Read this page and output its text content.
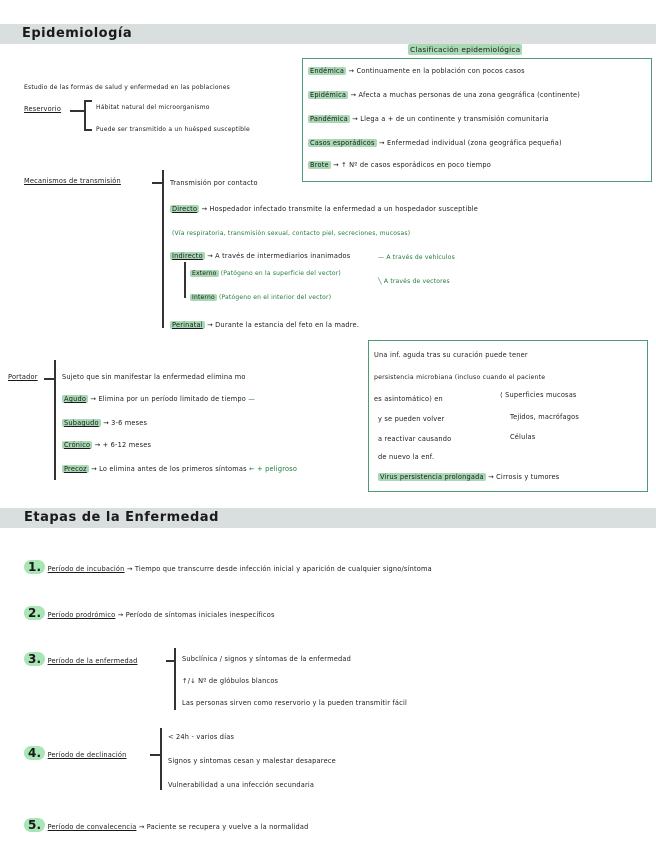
Epidemiología
Clasificación epidemiológica
Endémica → Continuamente en la población con pocos casos
Epidémica → Afecta a muchas personas de una zona geográfica (continente)
Pandémica → Llega a + de un continente y transmisión comunitaria
Casos esporádicos → Enfermedad individual (zona geográfica pequeña)
Brote → ↑ Nº de casos esporádicos en poco tiempo
Estudio de las formas de salud y enfermedad en las poblaciones
Reservorio	Hábitat natural del microorganismo
Puede ser transmitido a un huésped susceptible
Mecanismos de transmisión	Transmisión por contacto
Directo → Hospedador infectado transmite la enfermedad a un hospedador susceptible
(Vía respiratoria, transmisión sexual, contacto piel, secreciones, mucosas)
Indirecto → A través de intermediarios inanimados
Externo (Patógeno en la superficie del vector)
Interno (Patógeno en el interior del vector)
— A través de vehículos
╲ A través de vectores
Perinatal → Durante la estancia del feto en la madre.
Portador	Sujeto que sin manifestar la enfermedad elimina mo
Agudo → Elimina por un período limitado de tiempo —
Subagudo → 3-6 meses
Crónico → + 6-12 meses
Precoz → Lo elimina antes de los primeros síntomas ← + peligroso
Una inf. aguda tras su curación puede tener
persistencia microbiana (incluso cuando el paciente
es asintomático) en	⟨ Superficies mucosas
Tejidos, macrófagos
Células
y se pueden volver
a reactivar causando
de nuevo la enf.
Virus persistencia prolongada → Cirrosis y tumores
Etapas de la Enfermedad
1. Período de incubación → Tiempo que transcurre desde infección inicial y aparición de cualquier signo/síntoma
2. Período prodrómico → Período de síntomas iniciales inespecíficos
3. Período de la enfermedad	Subclínica / signos y síntomas de la enfermedad
↑/↓ Nº de glóbulos blancos
Las personas sirven como reservorio y la pueden transmitir fácil
4. Período de declinación
< 24h - varios días
Signos y síntomas cesan y malestar desaparece
Vulnerabilidad a una infección secundaria
5. Período de convalecencia → Paciente se recupera y vuelve a la normalidad
